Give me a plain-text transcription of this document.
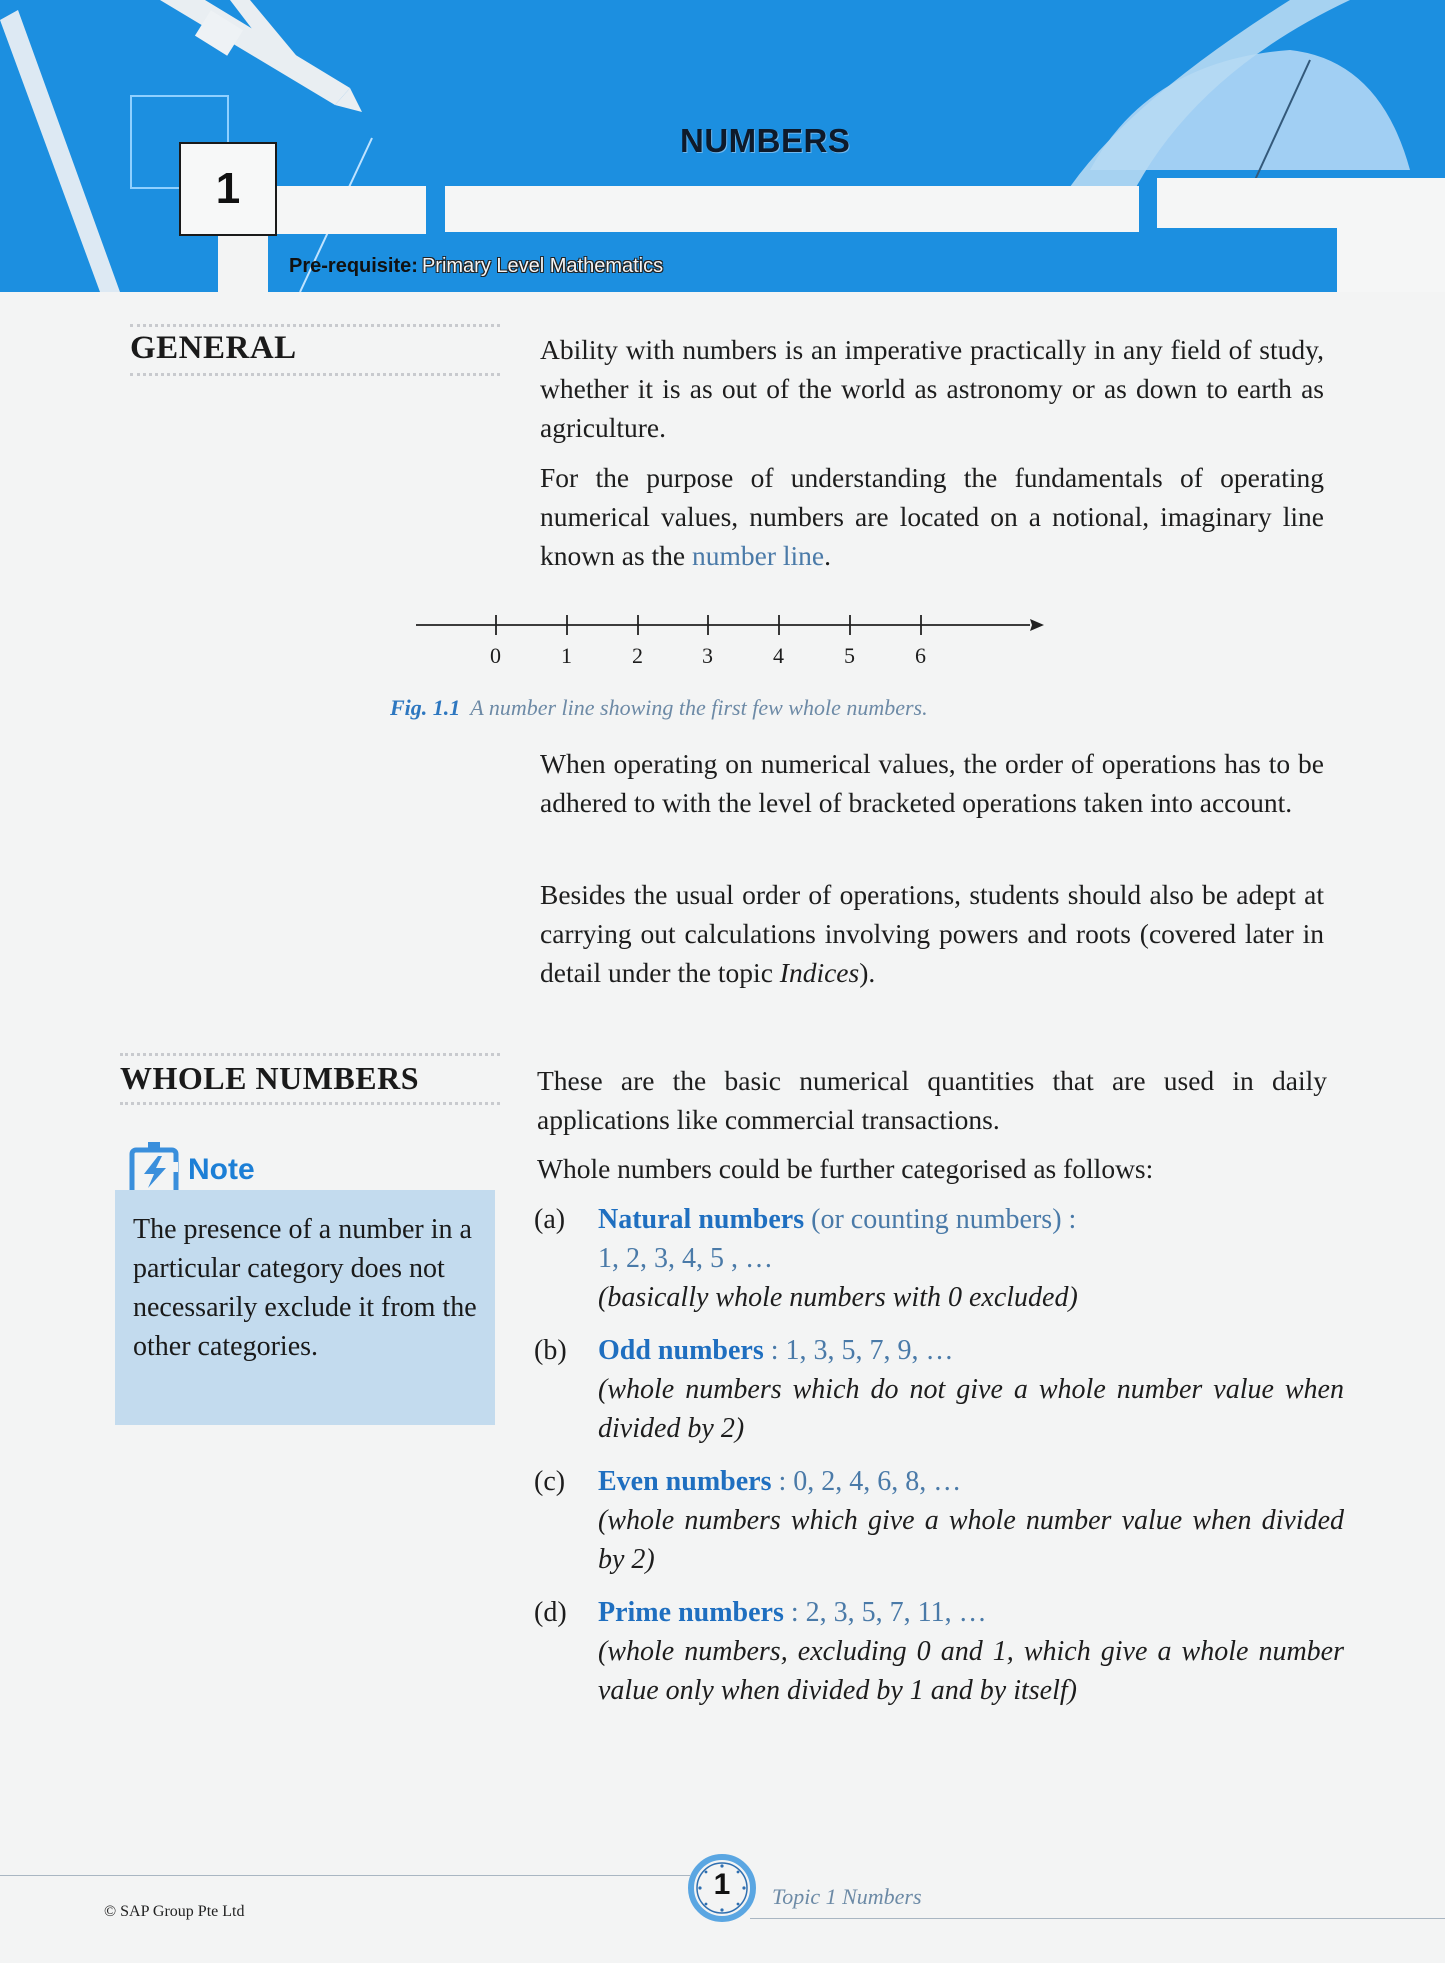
1
NUMBERS
Pre-requisite: Primary Level Mathematics
GENERAL	Ability with numbers is an imperative practically in any field of study, whether it is as out of the world as astronomy or as down to earth as agriculture.
For the purpose of understanding the fundamentals of operating numerical values, numbers are located on a notional, imaginary line known as the number line.
0	1	2	3	4	5	6
Fig. 1.1 A number line showing the first few whole numbers.
When operating on numerical values, the order of operations has to be adhered to with the level of bracketed operations taken into account.
Besides the usual order of operations, students should also be adept at carrying out calculations involving powers and roots (covered later in detail under the topic Indices).
WHOLE NUMBERS	These are the basic numerical quantities that are used in daily applications like commercial transactions.
Whole numbers could be further categorised as follows:
Note
The presence of a number in a particular category does not necessarily exclude it from the other categories.
(a) Natural numbers (or counting numbers) :
1, 2, 3, 4, 5 , …
(basically whole numbers with 0 excluded)
(b) Odd numbers : 1, 3, 5, 7, 9, …
(whole numbers which do not give a whole number value when divided by 2)
(c) Even numbers : 0, 2, 4, 6, 8, …
(whole numbers which give a whole number value when divided by 2)
(d) Prime numbers : 2, 3, 5, 7, 11, …
(whole numbers, excluding 0 and 1, which give a whole number value only when divided by 1 and by itself)
© SAP Group Pte Ltd
1	Topic 1 Numbers
